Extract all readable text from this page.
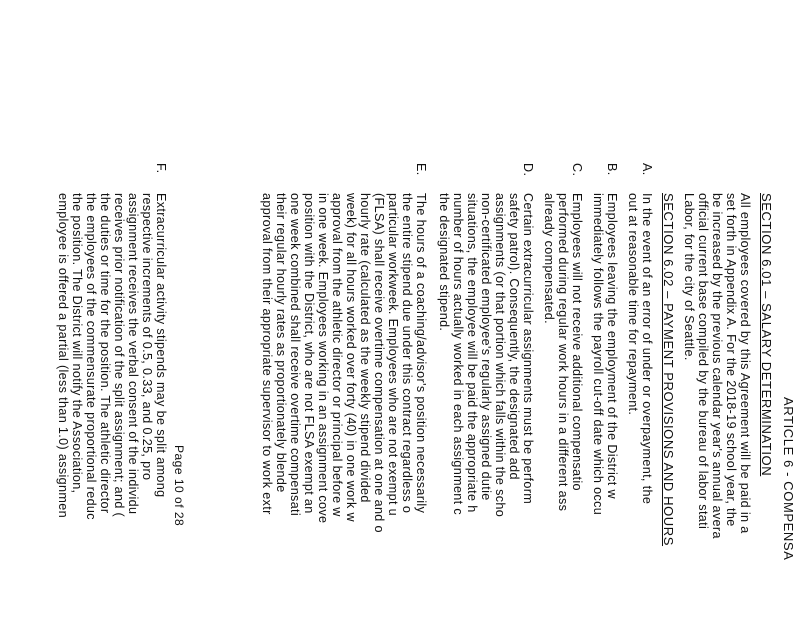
ARTICLE 6 - COMPENSA
SECTION 6.01 – SALARY DETERMINATION
All employees covered by this Agreement will be paid in a
set forth in Appendix A. For the 2018-19 school year, the
be increased by the previous calendar year's annual avera
official current base compiled by the bureau of labor stati
Labor, for the city of Seattle.
SECTION 6.02 – PAYMENT PROVISIONS AND HOURS
A.
In the event of an error of under or overpayment, the
out at reasonable time for repayment.
B.
Employees leaving the employment of the District w
immediately follows the payroll cut-off date which occu
C.
Employees will not receive additional compensatio
performed during regular work hours in a different ass
already compensated.
D.
Certain extracurricular assignments must be perform
safety patrol). Consequently, the designated add
assignments (or that portion which falls within the scho
non-certificated employee's regularly assigned dutie
situations, the employee will be paid the appropriate h
number of hours actually worked in each assignment c
the designated stipend.
E.
The hours of a coaching/advisor's position necessarily
the entire stipend due under this contract regardless o
particular workweek. Employees who are not exempt u
(FLSA) shall receive overtime compensation at one and o
hourly rate (calculated as the weekly stipend divided
week) for all hours worked over forty (40) in one work w
approval from the athletic director or principal before w
in one week. Employees working in an assignment cove
position with the District, who are not FLSA exempt an
one week combined shall receive overtime compensati
their regular hourly rates as proportionately blende
approval from their appropriate supervisor to work extr
F.
Extracurricular activity stipends may be split among
respective increments of 0.5, 0.33, and 0.25, pro
assignment receives the verbal consent of the individu
receives prior notification of the split assignment; and (
the duties or time for the position. The athletic director
the employees of the commensurate proportional reduc
the position. The District will notify the Association,
employee is offered a partial (less than 1.0) assignmen	Page 10 of 28
